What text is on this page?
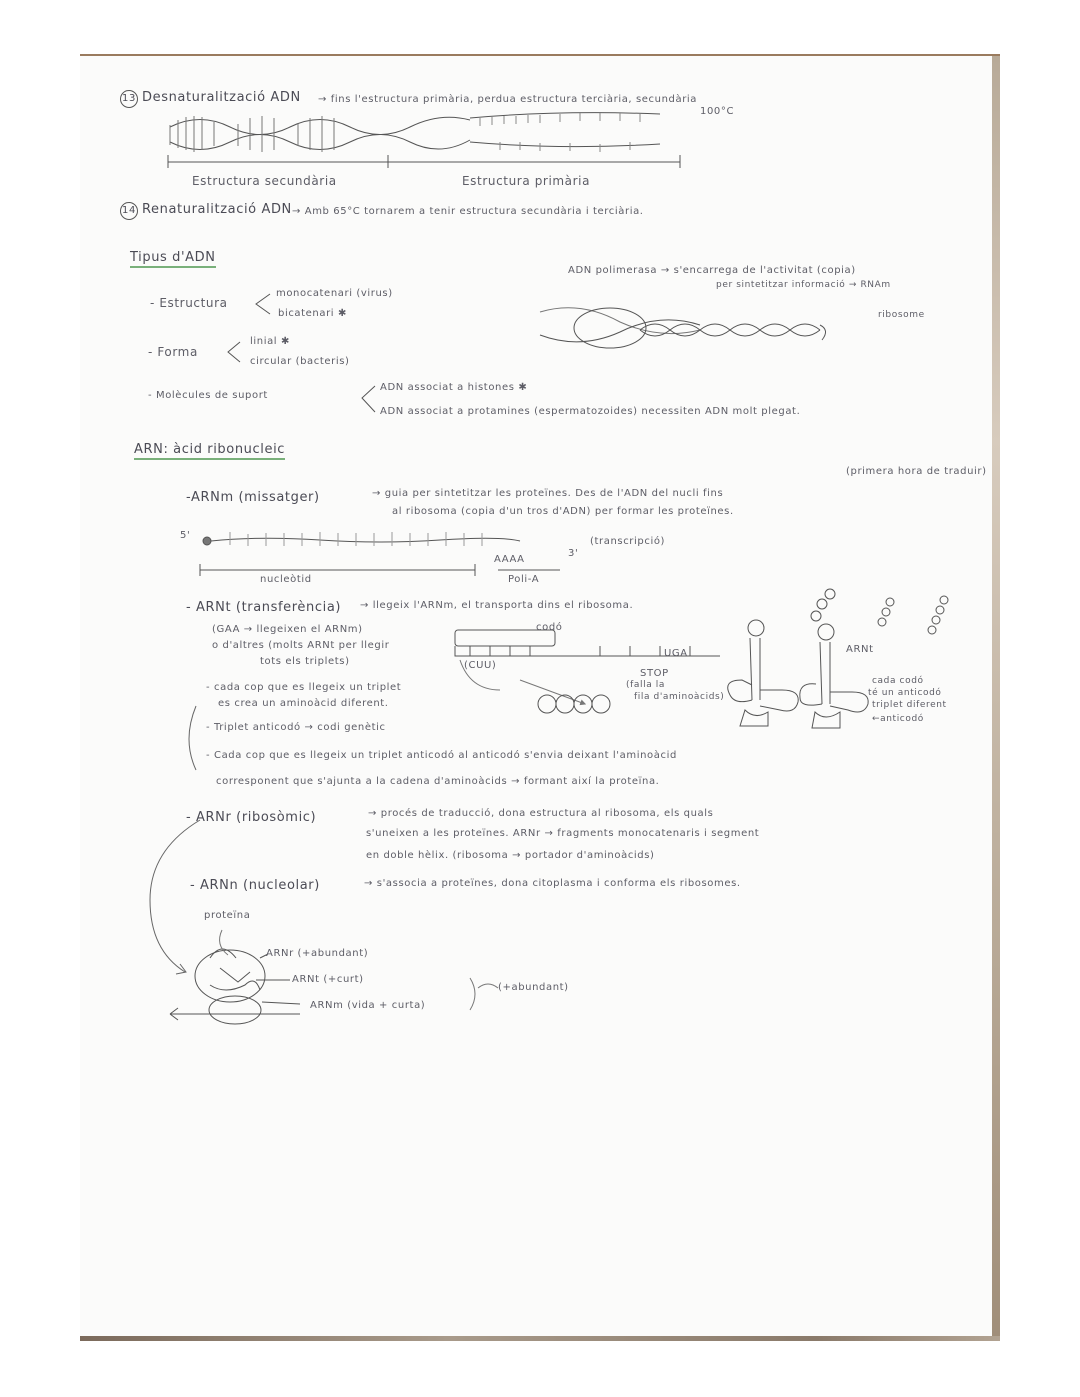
13 Desnaturalització ADN → fins l'estructura primària, perdua estructura terciària, secundària
100°C
Estructura secundària	Estructura primària
14 Renaturalització ADN → Amb 65°C tornarem a tenir estructura secundària i terciària.
Tipus d'ADN
- Estructura
monocatenari (virus)
bicatenari ✱
- Forma
linial ✱
circular (bacteris)
- Molècules de suport
ADN associat a histones ✱
ADN associat a protamines (espermatozoides) necessiten ADN molt plegat.
ADN polimerasa → s'encarrega de l'activitat (copia)
per sintetitzar informació → RNAm
ribosome
ARN: àcid ribonucleic
-ARNm (missatger)	→ guia per sintetitzar les proteïnes. Des de l'ADN del nucli fins
al ribosoma (copia d'un tros d'ADN) per formar les proteïnes.
(primera hora de traduir)
5'
AAAA
3'
(transcripció)
nucleòtid	Poli-A
- ARNt (transferència) → llegeix l'ARNm, el transporta dins el ribosoma.
(GAA → llegeixen el ARNm)
o d'altres (molts ARNt per llegir
tots els triplets)
codó
(CUU)
UGA
STOP
(falla la
fila d'aminoàcids)
ARNt
cada codó
té un anticodó
triplet diferent
←anticodó
- cada cop que es llegeix un triplet
es crea un aminoàcid diferent.
- Triplet anticodó → codi genètic
- Cada cop que es llegeix un triplet anticodó al anticodó s'envia deixant l'aminoàcid
corresponent que s'ajunta a la cadena d'aminoàcids → formant així la proteïna.
- ARNr (ribosòmic)	→ procés de traducció, dona estructura al ribosoma, els quals
s'uneixen a les proteïnes. ARNr → fragments monocatenaris i segment
en doble hèlix. (ribosoma → portador d'aminoàcids)
- ARNn (nucleolar)	→ s'associa a proteïnes, dona citoplasma i conforma els ribosomes.
proteïna
ARNr (+abundant)
ARNt (+curt)
ARNm (vida + curta)
(+abundant)
